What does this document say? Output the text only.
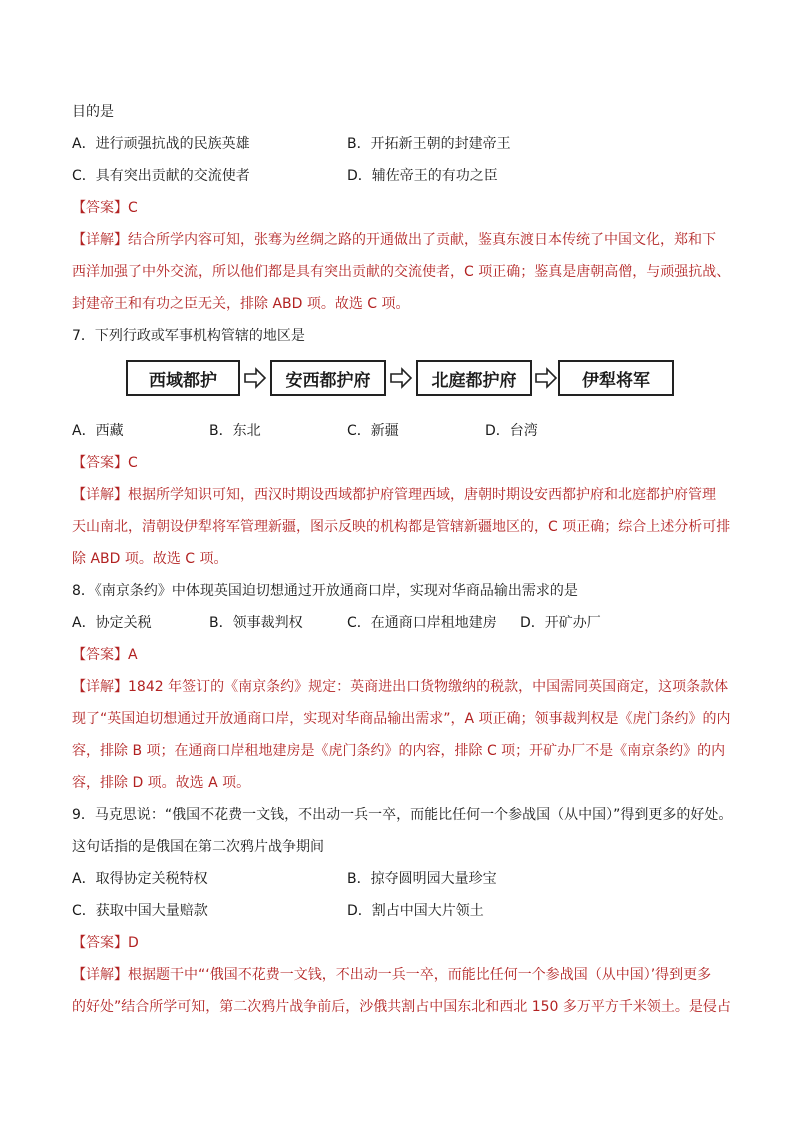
目的是
A．进行顽强抗战的民族英雄	B．开拓新王朝的封建帝王
C．具有突出贡献的交流使者	D．辅佐帝王的有功之臣
【答案】C
【详解】结合所学内容可知，张骞为丝绸之路的开通做出了贡献，鉴真东渡日本传统了中国文化，郑和下
西洋加强了中外交流，所以他们都是具有突出贡献的交流使者，C 项正确；鉴真是唐朝高僧，与顽强抗战、
封建帝王和有功之臣无关，排除 ABD 项。故选 C 项。
7．下列行政或军事机构管辖的地区是
西域都护	安西都护府	北庭都护府	伊犁将军
A．西藏	B．东北	C．新疆	D．台湾
【答案】C
【详解】根据所学知识可知，西汉时期设西域都护府管理西域，唐朝时期设安西都护府和北庭都护府管理
天山南北，清朝设伊犁将军管理新疆，图示反映的机构都是管辖新疆地区的，C 项正确；综合上述分析可排
除 ABD 项。故选 C 项。
8．《南京条约》中体现英国迫切想通过开放通商口岸，实现对华商品输出需求的是
A．协定关税	B．领事裁判权	C．在通商口岸租地建房 D．开矿办厂
【答案】A
【详解】1842 年签订的《南京条约》规定：英商进出口货物缴纳的税款，中国需同英国商定，这项条款体
现了“英国迫切想通过开放通商口岸，实现对华商品输出需求”，A 项正确；领事裁判权是《虎门条约》的内
容，排除 B 项；在通商口岸租地建房是《虎门条约》的内容，排除 C 项；开矿办厂不是《南京条约》的内
容，排除 D 项。故选 A 项。
9．马克思说：“俄国不花费一文钱，不出动一兵一卒，而能比任何一个参战国（从中国）”得到更多的好处。
这句话指的是俄国在第二次鸦片战争期间
A．取得协定关税特权	B．掠夺圆明园大量珍宝
C．获取中国大量赔款	D．割占中国大片领土
【答案】D
【详解】根据题干中“‘俄国不花费一文钱，不出动一兵一卒，而能比任何一个参战国（从中国）’得到更多
的好处”结合所学可知，第二次鸦片战争前后，沙俄共割占中国东北和西北 150 多万平方千米领土。是侵占
